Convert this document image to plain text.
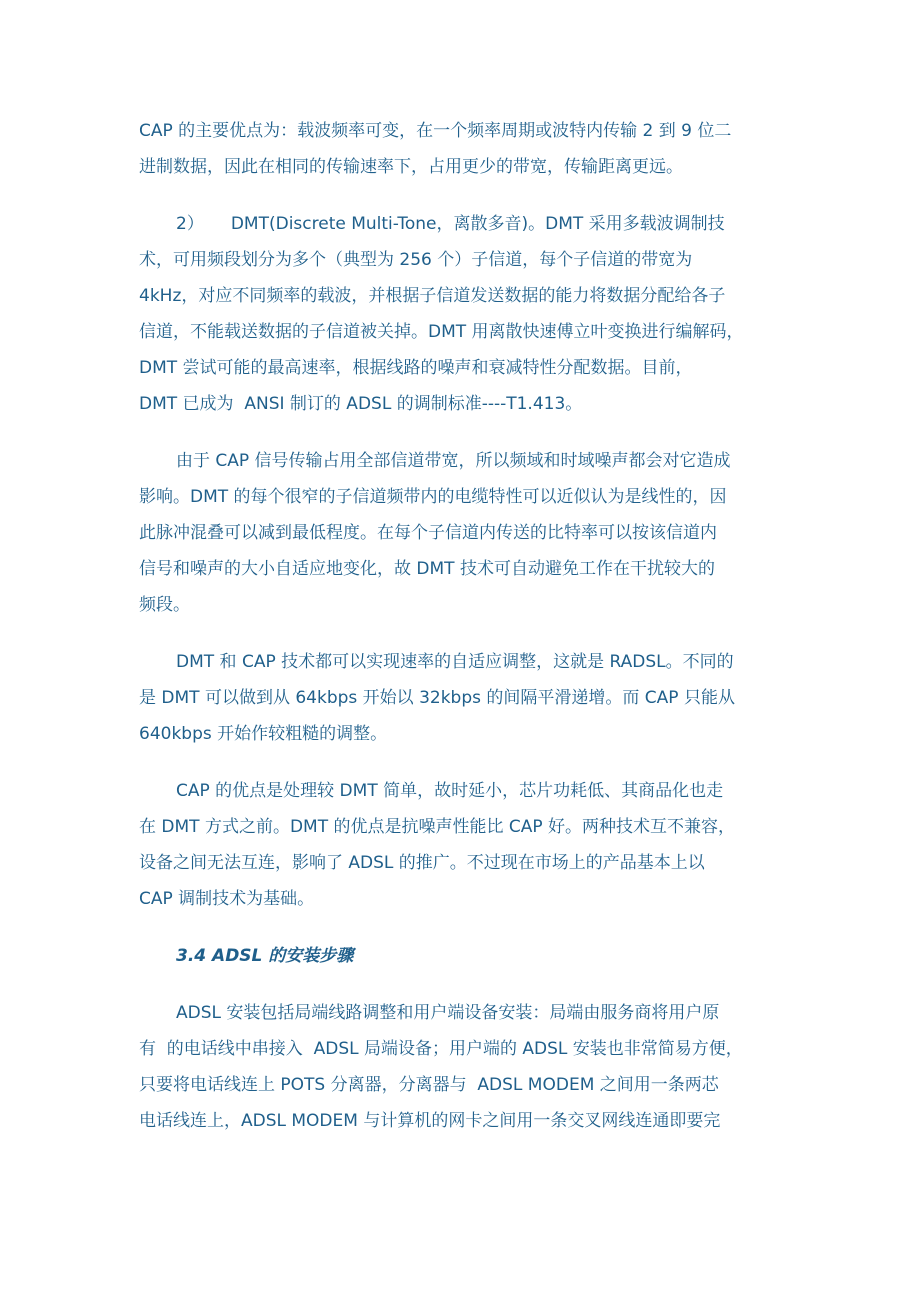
CAP 的主要优点为：载波频率可变，在一个频率周期或波特内传输 2 到 9 位二
进制数据，因此在相同的传输速率下，占用更少的带宽，传输距离更远。
2）     DMT(Discrete Multi-Tone，离散多音)。DMT 采用多载波调制技
术，可用频段划分为多个（典型为 256 个）子信道，每个子信道的带宽为
4kHz，对应不同频率的载波，并根据子信道发送数据的能力将数据分配给各子
信道，不能载送数据的子信道被关掉。DMT 用离散快速傅立叶变换进行编解码，
DMT 尝试可能的最高速率，根据线路的噪声和衰减特性分配数据。目前，
DMT 已成为  ANSI 制订的 ADSL 的调制标准----T1.413。
由于 CAP 信号传输占用全部信道带宽，所以频域和时域噪声都会对它造成
影响。DMT 的每个很窄的子信道频带内的电缆特性可以近似认为是线性的，因
此脉冲混叠可以减到最低程度。在每个子信道内传送的比特率可以按该信道内
信号和噪声的大小自适应地变化，故 DMT 技术可自动避免工作在干扰较大的
频段。
DMT 和 CAP 技术都可以实现速率的自适应调整，这就是 RADSL。不同的
是 DMT 可以做到从 64kbps 开始以 32kbps 的间隔平滑递增。而 CAP 只能从
640kbps 开始作较粗糙的调整。
CAP 的优点是处理较 DMT 简单，故时延小，芯片功耗低、其商品化也走
在 DMT 方式之前。DMT 的优点是抗噪声性能比 CAP 好。两种技术互不兼容，
设备之间无法互连，影响了 ADSL 的推广。不过现在市场上的产品基本上以
CAP 调制技术为基础。
3.4 ADSL 的安装步骤
ADSL 安装包括局端线路调整和用户端设备安装：局端由服务商将用户原
有  的电话线中串接入  ADSL 局端设备；用户端的 ADSL 安装也非常简易方便，
只要将电话线连上 POTS 分离器，分离器与  ADSL MODEM 之间用一条两芯
电话线连上，ADSL MODEM 与计算机的网卡之间用一条交叉网线连通即要完
